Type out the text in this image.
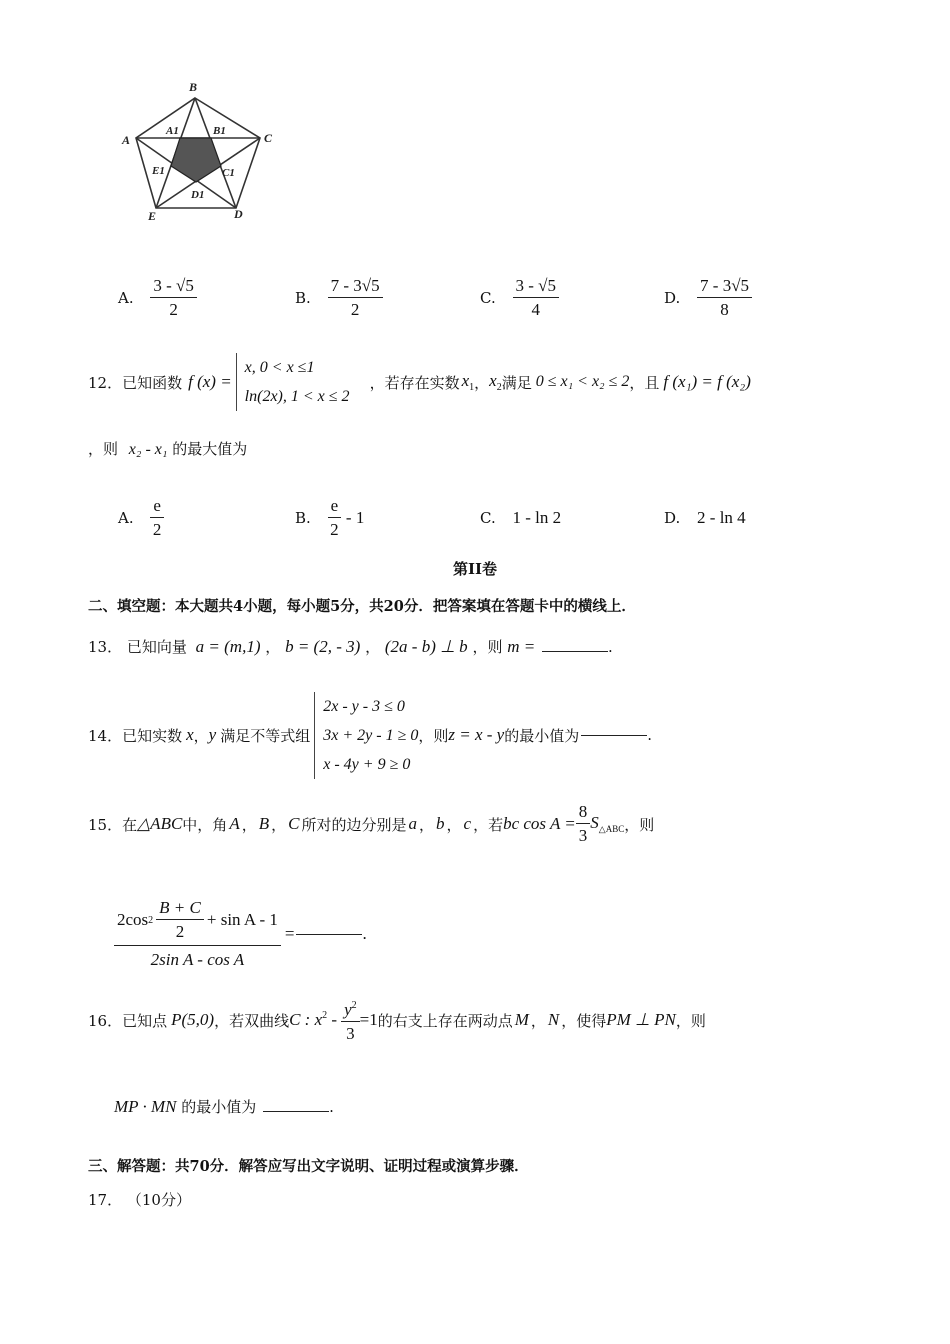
B
A	C
E	D
A1	B1
C1
D1
E1
A. $\frac{3 - √5}{2}$	B. $\frac{7 - 3√5}{2}$	C. $\frac{3 - √5}{4}$	D. $\frac{7 - 3√5}{8}$
12． 已知函数 f (x) =
x, 0 < x ≤1
ln(2x), 1 < x ≤ 2
，若存在实数 $x_1$ ， $x_2$ 满足 0 ≤ x₁ < x₂ ≤ 2 ，且 f (x₁) = f (x₂)
，则 x₂ - x₁ 的最大值为
A. $\frac{e}{2}$	B. $\frac{e}{2} - 1$	C. 1 - ln 2	D. 2 - ln 4
第II卷
二、填空题：本大题共4小题，每小题5分，共20分．把答案填在答题卡中的横线上．
13． 已知向量 a = (m,1) ， b = (2, - 3) ， (2a - b) ⊥ b ，则 m =	.
14． 已知实数 x ， y 满足不等式组
2x - y - 3 ≤ 0
3x + 2y - 1 ≥ 0
x - 4y + 9 ≥ 0
，则 z = x - y 的最小值为	.
15． 在 △ABC 中，角 A ， B ， C 所对的边分别是 a ， b ， c ，若 bc $\cos A = \frac{8}{3} S_{\triangle ABC}$ ，则
2cos $2 \frac{B + C}{2} + \sin A - 1$
2sin A - cos A
=	.
16． 已知点 P(5,0) ，若双曲线 C : $x^2 - \frac{y^2}{3} =1$ 的右支上存在两动点 M ， N ，使得 PM ⊥ PN ，则
MP · MN 的最小值为	.
三、解答题：共70分．解答应写出文字说明、证明过程或演算步骤．
17． （10分）
